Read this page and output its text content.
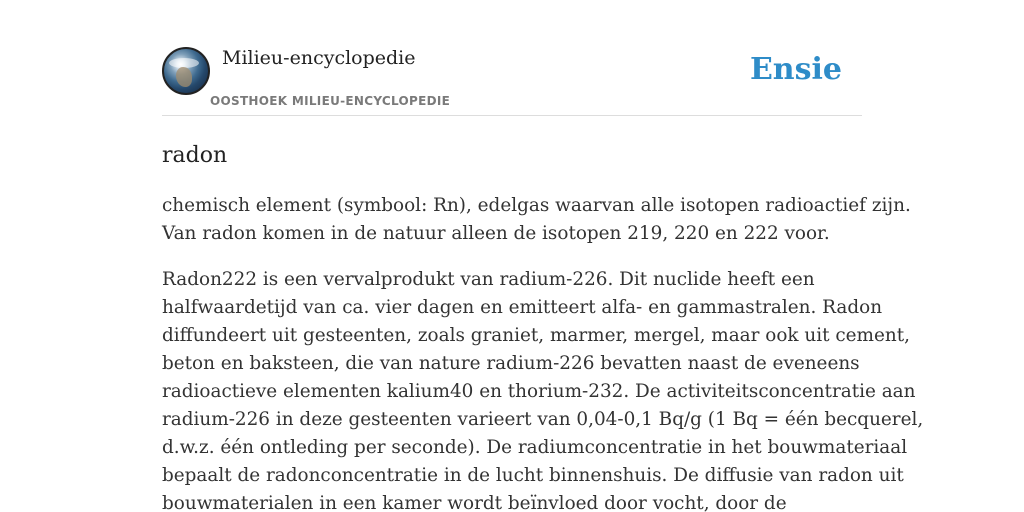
Milieu-encyclopedie
OOSTHOEK MILIEU-ENCYCLOPEDIE
Ensie
radon

chemisch element (symbool: Rn), edelgas waarvan alle isotopen radioactief zijn.
Van radon komen in de natuur alleen de isotopen 219, 220 en 222 voor.

Radon222 is een vervalprodukt van radium-226. Dit nuclide heeft een
halfwaardetijd van ca. vier dagen en emitteert alfa- en gammastralen. Radon
diffundeert uit gesteenten, zoals graniet, marmer, mergel, maar ook uit cement,
beton en baksteen, die van nature radium-226 bevatten naast de eveneens
radioactieve elementen kalium40 en thorium-232. De activiteitsconcentratie aan
radium-226 in deze gesteenten varieert van 0,04-0,1 Bq/g (1 Bq = één becquerel,
d.w.z. één ontleding per seconde). De radiumconcentratie in het bouwmateriaal
bepaalt de radonconcentratie in de lucht binnenshuis. De diffusie van radon uit
bouwmaterialen in een kamer wordt beïnvloed door vocht, door de
